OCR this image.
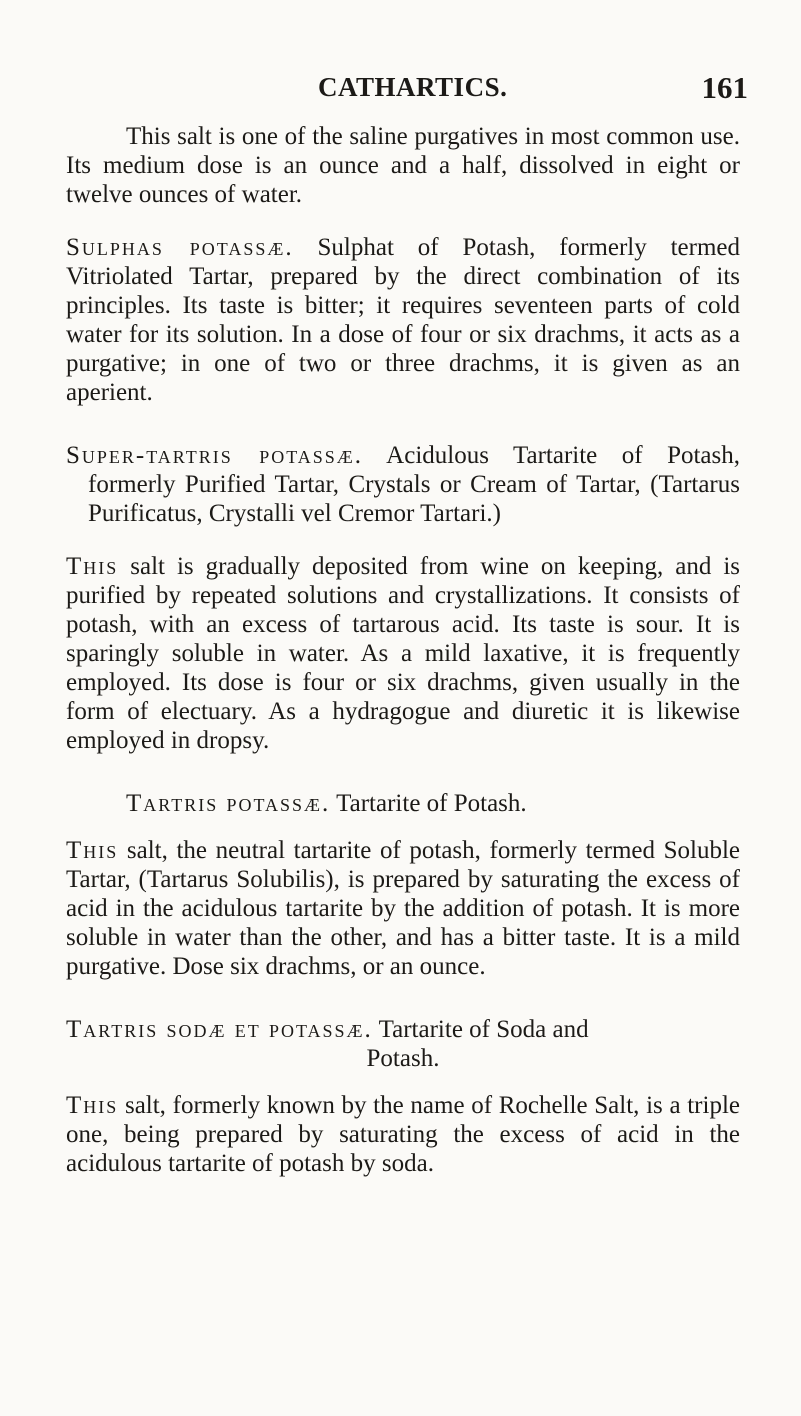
CATHARTICS.	161

This salt is one of the saline purgatives in most common use. Its medium dose is an ounce and a half, dissolved in eight or twelve ounces of water.

Sulphas potassæ. Sulphat of Potash, formerly termed Vitriolated Tartar, prepared by the direct combination of its principles. Its taste is bitter; it requires seventeen parts of cold water for its solution. In a dose of four or six drachms, it acts as a purgative; in one of two or three drachms, it is given as an aperient.

Super-tartris potassæ. Acidulous Tartarite of Potash, formerly Purified Tartar, Crystals or Cream of Tartar, (Tartarus Purificatus, Crystalli vel Cremor Tartari.)

This salt is gradually deposited from wine on keeping, and is purified by repeated solutions and crystallizations. It consists of potash, with an excess of tartarous acid. Its taste is sour. It is sparingly soluble in water. As a mild laxative, it is frequently employed. Its dose is four or six drachms, given usually in the form of electuary. As a hydragogue and diuretic it is likewise employed in dropsy.

Tartris potassæ. Tartarite of Potash.

This salt, the neutral tartarite of potash, formerly termed Soluble Tartar, (Tartarus Solubilis), is prepared by saturating the excess of acid in the acidulous tartarite by the addition of potash. It is more soluble in water than the other, and has a bitter taste. It is a mild purgative. Dose six drachms, or an ounce.

Tartris sodæ et potassæ. Tartarite of Soda and
Potash.

This salt, formerly known by the name of Rochelle Salt, is a triple one, being prepared by saturating the excess of acid in the acidulous tartarite of potash by soda.
